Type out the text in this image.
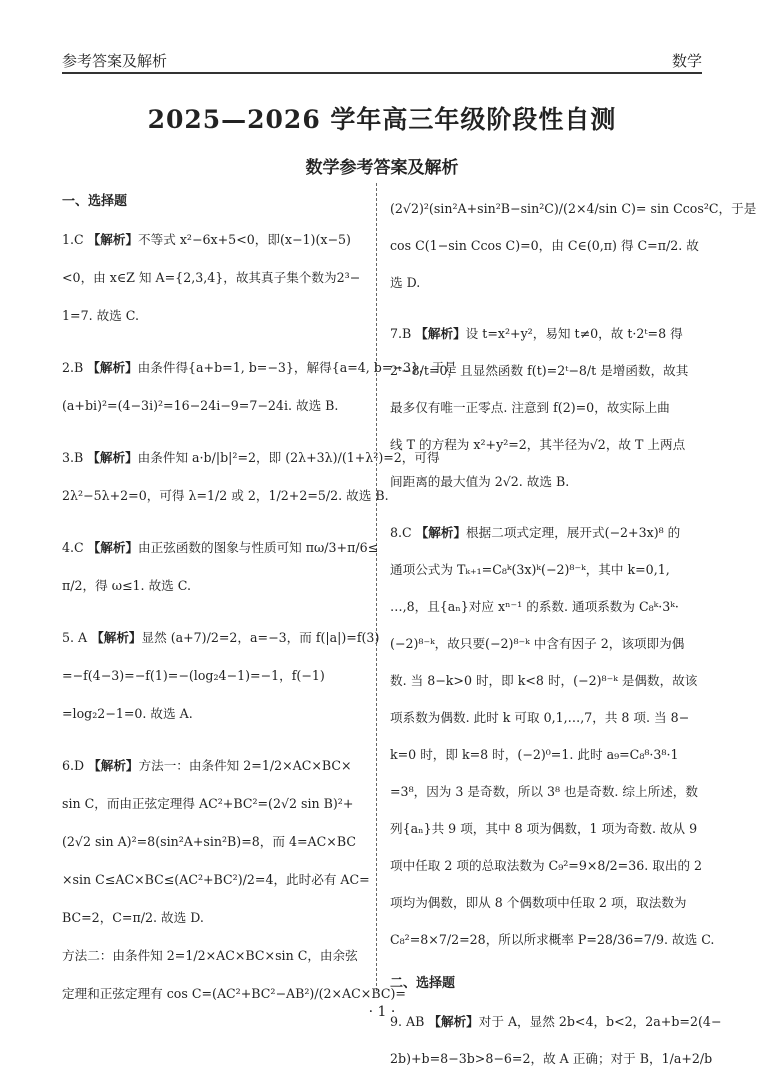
参考答案及解析	数学
2025—2026 学年高三年级阶段性自测
数学参考答案及解析
一、选择题
1.C 【解析】不等式 x²−6x+5<0，即(x−1)(x−5)
<0，由 x∈Z 知 A={2,3,4}，故其真子集个数为2³−
1=7. 故选 C.
2.B 【解析】由条件得{a+b=1, b=−3}，解得{a=4, b=−3}，于是
(a+bi)²=(4−3i)²=16−24i−9=7−24i. 故选 B.
3.B 【解析】由条件知 a·b/|b|²=2，即 (2λ+3λ)/(1+λ²)=2，可得
2λ²−5λ+2=0，可得 λ=1/2 或 2，1/2+2=5/2. 故选 B.
4.C 【解析】由正弦函数的图象与性质可知 πω/3+π/6≤
π/2，得 ω≤1. 故选 C.
5. A 【解析】显然 (a+7)/2=2，a=−3，而 f(|a|)=f(3)
=−f(4−3)=−f(1)=−(log₂4−1)=−1，f(−1)
=log₂2−1=0. 故选 A.
6.D 【解析】方法一：由条件知 2=1/2×AC×BC×
sin C，而由正弦定理得 AC²+BC²=(2√2 sin B)²+
(2√2 sin A)²=8(sin²A+sin²B)=8，而 4=AC×BC
×sin C≤AC×BC≤(AC²+BC²)/2=4，此时必有 AC=
BC=2，C=π/2. 故选 D.
方法二：由条件知 2=1/2×AC×BC×sin C，由余弦
定理和正弦定理有 cos C=(AC²+BC²−AB²)/(2×AC×BC)=
(2√2)²(sin²A+sin²B−sin²C)/(2×4/sin C)= sin Ccos²C，于是
cos C(1−sin Ccos C)=0，由 C∈(0,π) 得 C=π/2. 故
选 D.
7.B 【解析】设 t=x²+y²，易知 t≠0，故 t·2ᵗ=8 得
2ᵗ−8/t=0，且显然函数 f(t)=2ᵗ−8/t 是增函数，故其
最多仅有唯一正零点. 注意到 f(2)=0，故实际上曲
线 T 的方程为 x²+y²=2，其半径为√2，故 T 上两点
间距离的最大值为 2√2. 故选 B.
8.C 【解析】根据二项式定理，展开式(−2+3x)⁸ 的
通项公式为 Tₖ₊₁=C₈ᵏ(3x)ᵏ(−2)⁸⁻ᵏ，其中 k=0,1,
…,8，且{aₙ}对应 xⁿ⁻¹ 的系数. 通项系数为 C₈ᵏ·3ᵏ·
(−2)⁸⁻ᵏ，故只要(−2)⁸⁻ᵏ 中含有因子 2，该项即为偶
数. 当 8−k>0 时，即 k<8 时，(−2)⁸⁻ᵏ 是偶数，故该
项系数为偶数. 此时 k 可取 0,1,…,7，共 8 项. 当 8−
k=0 时，即 k=8 时，(−2)⁰=1. 此时 a₉=C₈⁸·3⁸·1
=3⁸，因为 3 是奇数，所以 3⁸ 也是奇数. 综上所述，数
列{aₙ}共 9 项，其中 8 项为偶数，1 项为奇数. 故从 9
项中任取 2 项的总取法数为 C₉²=9×8/2=36. 取出的 2
项均为偶数，即从 8 个偶数项中任取 2 项，取法数为
C₈²=8×7/2=28，所以所求概率 P=28/36=7/9. 故选 C.
二、选择题
9. AB 【解析】对于 A，显然 2b<4，b<2，2a+b=2(4−
2b)+b=8−3b>8−6=2，故 A 正确；对于 B，1/a+2/b
· 1 ·
